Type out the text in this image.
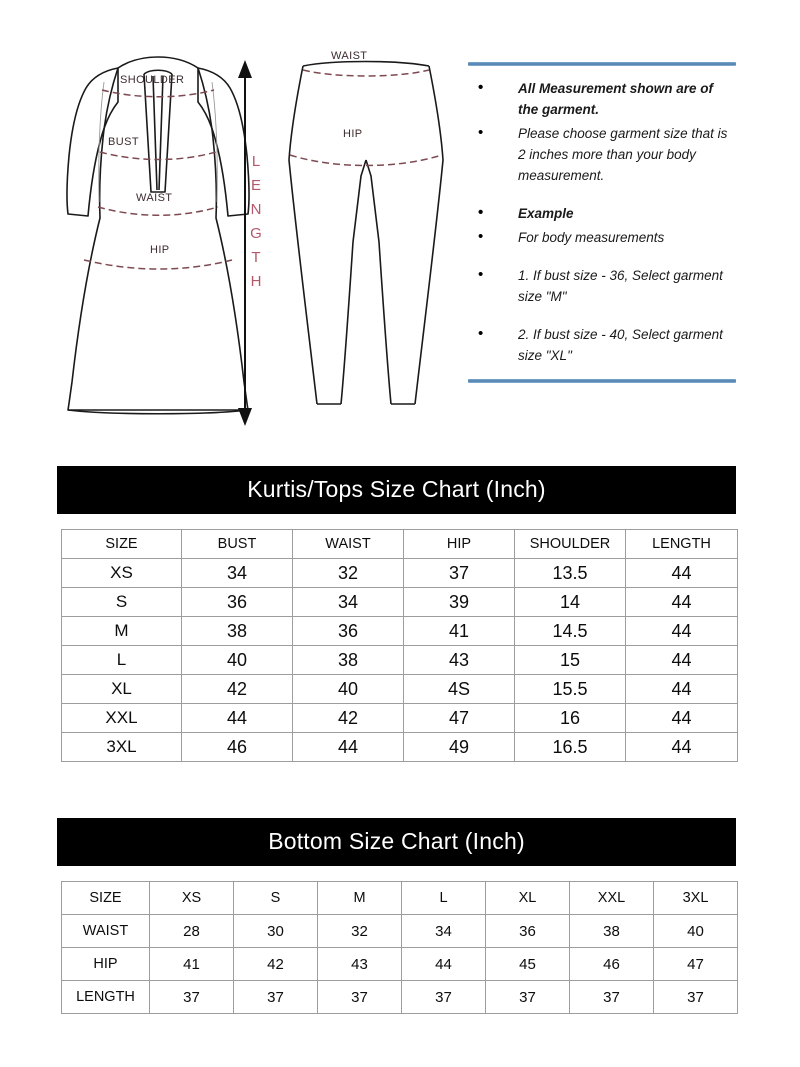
SHOULDER
BUST
WAIST
HIP
L
E
N
G
T
H
WAIST
HIP
• All Measurement shown are of the garment.
• Please choose garment size that is 2 inches more than your body measurement.
• Example
• For body measurements
• 1. If bust size - 36, Select garment size "M"
• 2. If bust size - 40, Select garment size "XL"
Kurtis/Tops Size Chart (Inch)
SIZE	BUST	WAIST	HIP	SHOULDER	LENGTH
XS	34	32	37	13.5	44
S	36	34	39	14	44
M	38	36	41	14.5	44
L	40	38	43	15	44
XL	42	40	4S	15.5	44
XXL	44	42	47	16	44
3XL	46	44	49	16.5	44
Bottom Size Chart (Inch)
SIZE	XS	S	M	L	XL	XXL	3XL
WAIST	28	30	32	34	36	38	40
HIP	41	42	43	44	45	46	47
LENGTH	37	37	37	37	37	37	37
